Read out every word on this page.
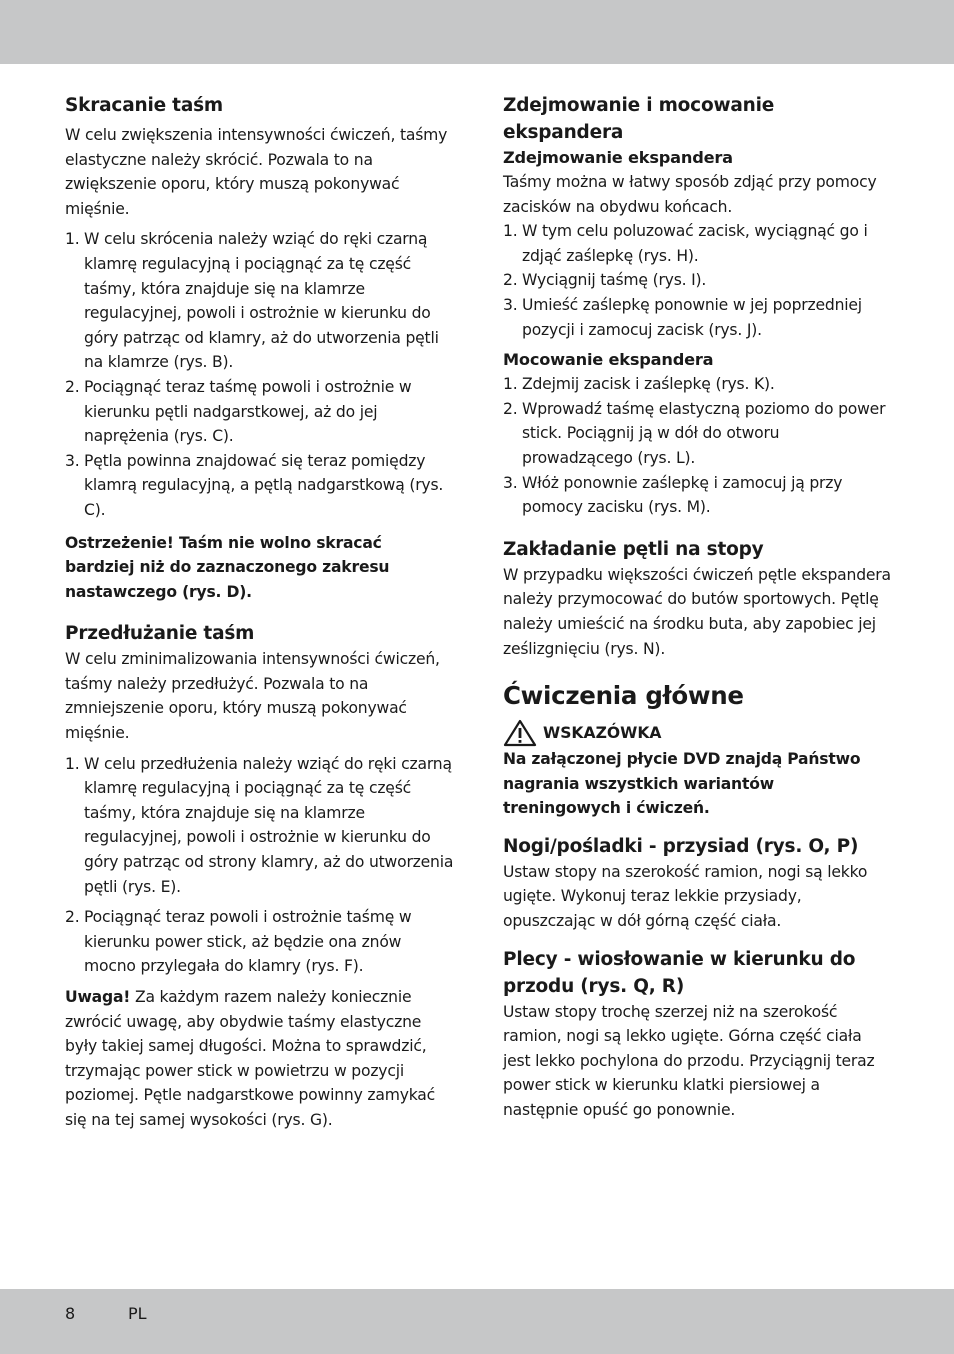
Skracanie taśm

W celu zwiększenia intensywności ćwiczeń, taśmy elastyczne należy skrócić. Pozwala to na zwiększenie oporu, który muszą pokonywać mięśnie.

1. W celu skrócenia należy wziąć do ręki czarną klamrę regulacyjną i pociągnąć za tę część taśmy, która znajduje się na klamrze regulacyjnej, powoli i ostrożnie w kierunku do góry patrząc od klamry, aż do utworzenia pętli na klamrze (rys. B).
2. Pociągnąć teraz taśmę powoli i ostrożnie w kierunku pętli nadgarstkowej, aż do jej naprężenia (rys. C).
3. Pętla powinna znajdować się teraz pomiędzy klamrą regulacyjną, a pętlą nadgarstkową (rys. C).

Ostrzeżenie! Taśm nie wolno skracać bardziej niż do zaznaczonego zakresu nastawczego (rys. D).

Przedłużanie taśm

W celu zminimalizowania intensywności ćwiczeń, taśmy należy przedłużyć. Pozwala to na zmniejszenie oporu, który muszą pokonywać mięśnie.

1. W celu przedłużenia należy wziąć do ręki czarną klamrę regulacyjną i pociągnąć za tę część taśmy, która znajduje się na klamrze regulacyjnej, powoli i ostrożnie w kierunku do góry patrząc od strony klamry, aż do utworzenia pętli (rys. E).
2. Pociągnąć teraz powoli i ostrożnie taśmę w kierunku power stick, aż będzie ona znów mocno przylegała do klamry (rys. F).

Uwaga! Za każdym razem należy koniecznie zwrócić uwagę, aby obydwie taśmy elastyczne były takiej samej długości. Można to sprawdzić, trzymając power stick w powietrzu w pozycji poziomej. Pętle nadgarstkowe powinny zamykać się na tej samej wysokości (rys. G).

Zdejmowanie i mocowanie ekspandera
Zdejmowanie ekspandera

Taśmy można w łatwy sposób zdjąć przy pomocy zacisków na obydwu końcach.

1. W tym celu poluzować zacisk, wyciągnąć go i zdjąć zaślepkę (rys. H).
2. Wyciągnij taśmę (rys. I).
3. Umieść zaślepkę ponownie w jej poprzedniej pozycji i zamocuj zacisk (rys. J).
Mocowanie ekspandera
1. Zdejmij zacisk i zaślepkę (rys. K).
2. Wprowadź taśmę elastyczną poziomo do power stick. Pociągnij ją w dół do otworu prowadzącego (rys. L).
3. Włóż ponownie zaślepkę i zamocuj ją przy pomocy zacisku (rys. M).
Zakładanie pętli na stopy

W przypadku większości ćwiczeń pętle ekspandera należy przymocować do butów sportowych. Pętlę należy umieścić na środku buta, aby zapobiec jej ześlizgnięciu (rys. N).

Ćwiczenia główne
WSKAZÓWKA

Na załączonej płycie DVD znajdą Państwo nagrania wszystkich wariantów treningowych i ćwiczeń.

Nogi/pośladki - przysiad (rys. O, P)

Ustaw stopy na szerokość ramion, nogi są lekko ugięte. Wykonuj teraz lekkie przysiady, opuszczając w dół górną część ciała.

Plecy - wiosłowanie w kierunku do przodu (rys. Q, R)

Ustaw stopy trochę szerzej niż na szerokość ramion, nogi są lekko ugięte. Górna część ciała jest lekko pochylona do przodu. Przyciągnij teraz power stick w kierunku klatki piersiowej a następnie opuść go ponownie.

8	PL
